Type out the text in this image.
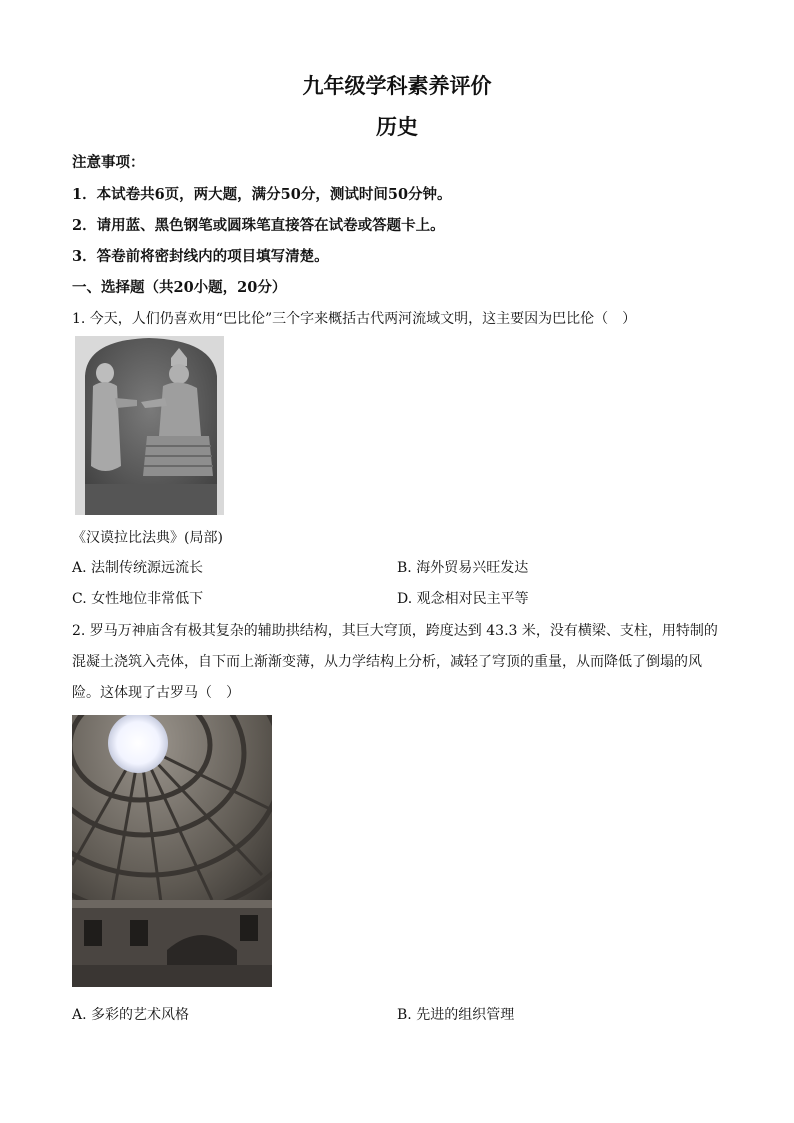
九年级学科素养评价
历史
注意事项：
1．本试卷共6页，两大题，满分50分，测试时间50分钟。
2．请用蓝、黑色钢笔或圆珠笔直接答在试卷或答题卡上。
3．答卷前将密封线内的项目填写清楚。
一、选择题（共20小题，20分）
1. 今天，人们仍喜欢用“巴比伦”三个字来概括古代两河流域文明，这主要因为巴比伦（　）
《汉谟拉比法典》(局部)
A. 法制传统源远流长	B. 海外贸易兴旺发达
C. 女性地位非常低下	D. 观念相对民主平等
2. 罗马万神庙含有极其复杂的辅助拱结构，其巨大穹顶，跨度达到 43.3 米，没有横梁、支柱，用特制的
混凝土浇筑入壳体，自下而上渐渐变薄，从力学结构上分析，减轻了穹顶的重量，从而降低了倒塌的风
险。这体现了古罗马（　）
A. 多彩的艺术风格	B. 先进的组织管理
